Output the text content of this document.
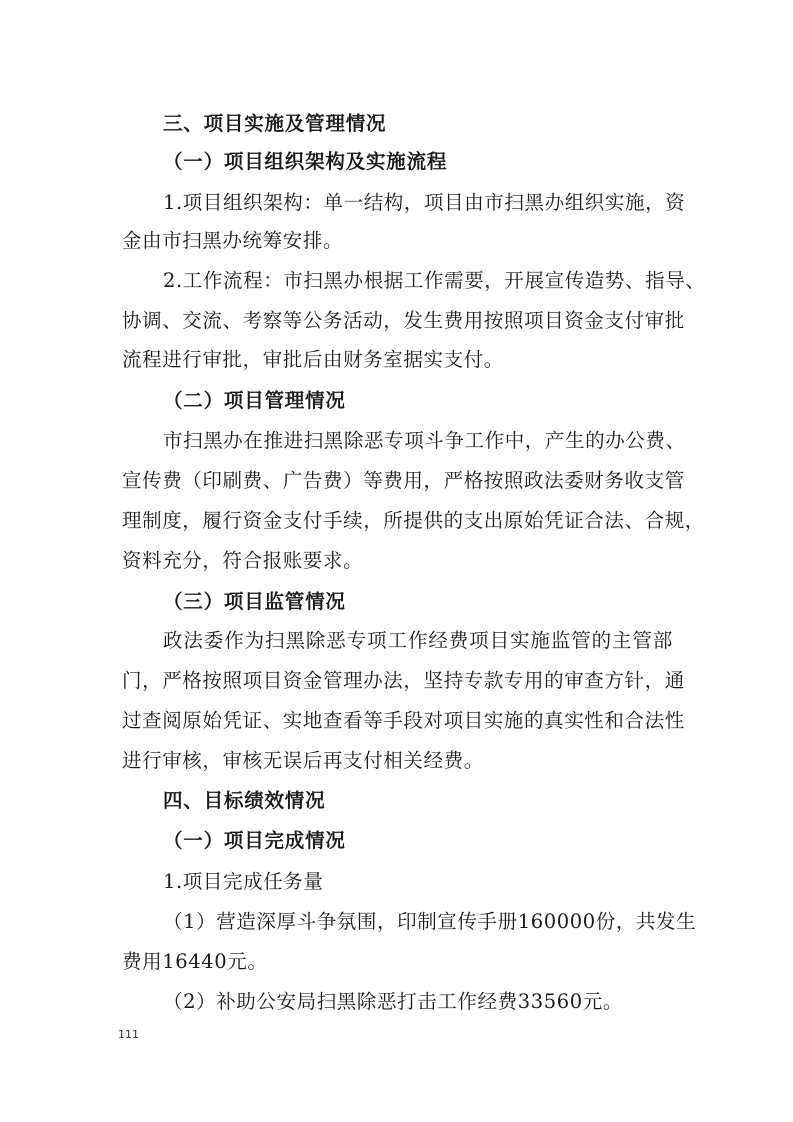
三、项目实施及管理情况
（一）项目组织架构及实施流程
1.项目组织架构：单一结构，项目由市扫黑办组织实施，资
金由市扫黑办统筹安排。
2.工作流程：市扫黑办根据工作需要，开展宣传造势、指导、
协调、交流、考察等公务活动，发生费用按照项目资金支付审批
流程进行审批，审批后由财务室据实支付。
（二）项目管理情况
市扫黑办在推进扫黑除恶专项斗争工作中，产生的办公费、
宣传费（印刷费、广告费）等费用，严格按照政法委财务收支管
理制度，履行资金支付手续，所提供的支出原始凭证合法、合规，
资料充分，符合报账要求。
（三）项目监管情况
政法委作为扫黑除恶专项工作经费项目实施监管的主管部
门，严格按照项目资金管理办法，坚持专款专用的审查方针，通
过查阅原始凭证、实地查看等手段对项目实施的真实性和合法性
进行审核，审核无误后再支付相关经费。
四、目标绩效情况
（一）项目完成情况
1.项目完成任务量
（1）营造深厚斗争氛围，印制宣传手册160000份，共发生
费用16440元。
（2）补助公安局扫黑除恶打击工作经费33560元。
111
